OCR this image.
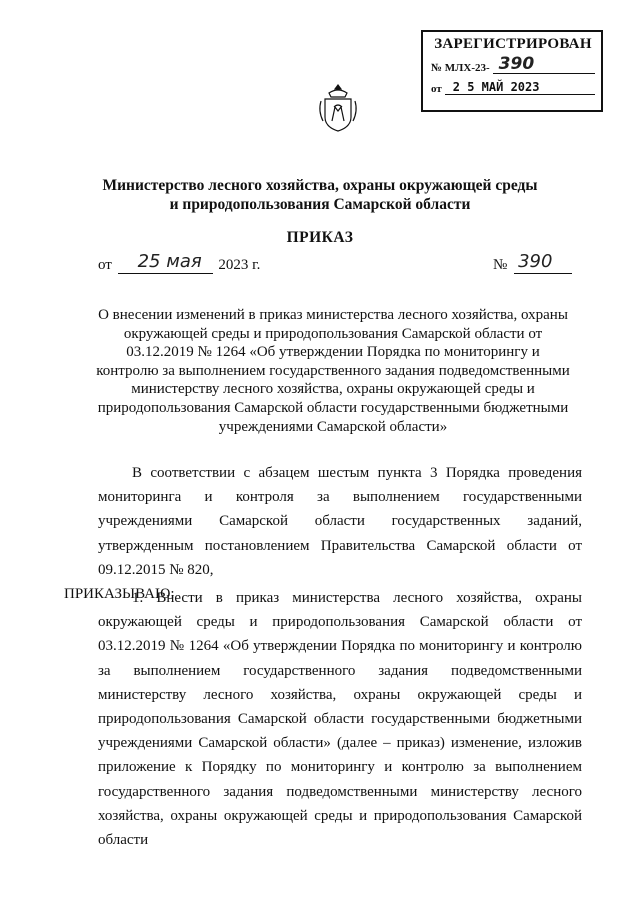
ЗАРЕГИСТРИРОВАН
№ МЛХ-23- 390
от 2 5 МАЙ 2023
Министерство лесного хозяйства, охраны окружающей среды
и природопользования Самарской области
ПРИКАЗ
от 25 мая 2023 г.	№ 390
О внесении изменений в приказ министерства лесного хозяйства, охраны окружающей среды и природопользования Самарской области от 03.12.2019 № 1264 «Об утверждении Порядка по мониторингу и контролю за выполнением государственного задания подведомственными министерству лесного хозяйства, охраны окружающей среды и природопользования Самарской области государственными бюджетными учреждениями Самарской области»

В соответствии с абзацем шестым пункта 3 Порядка проведения мониторинга и контроля за выполнением государственными учреждениями Самарской области государственных заданий, утвержденным постановлением Правительства Самарской области от 09.12.2015 № 820,
ПРИКАЗЫВАЮ:

1. Внести в приказ министерства лесного хозяйства, охраны окружающей среды и природопользования Самарской области от 03.12.2019 № 1264 «Об утверждении Порядка по мониторингу и контролю за выполнением государственного задания подведомственными министерству лесного хозяйства, охраны окружающей среды и природопользования Самарской области государственными бюджетными учреждениями Самарской области» (далее – приказ) изменение, изложив приложение к Порядку по мониторингу и контролю за выполнением государственного задания подведомственными министерству лесного хозяйства, охраны окружающей среды и природопользования Самарской области
